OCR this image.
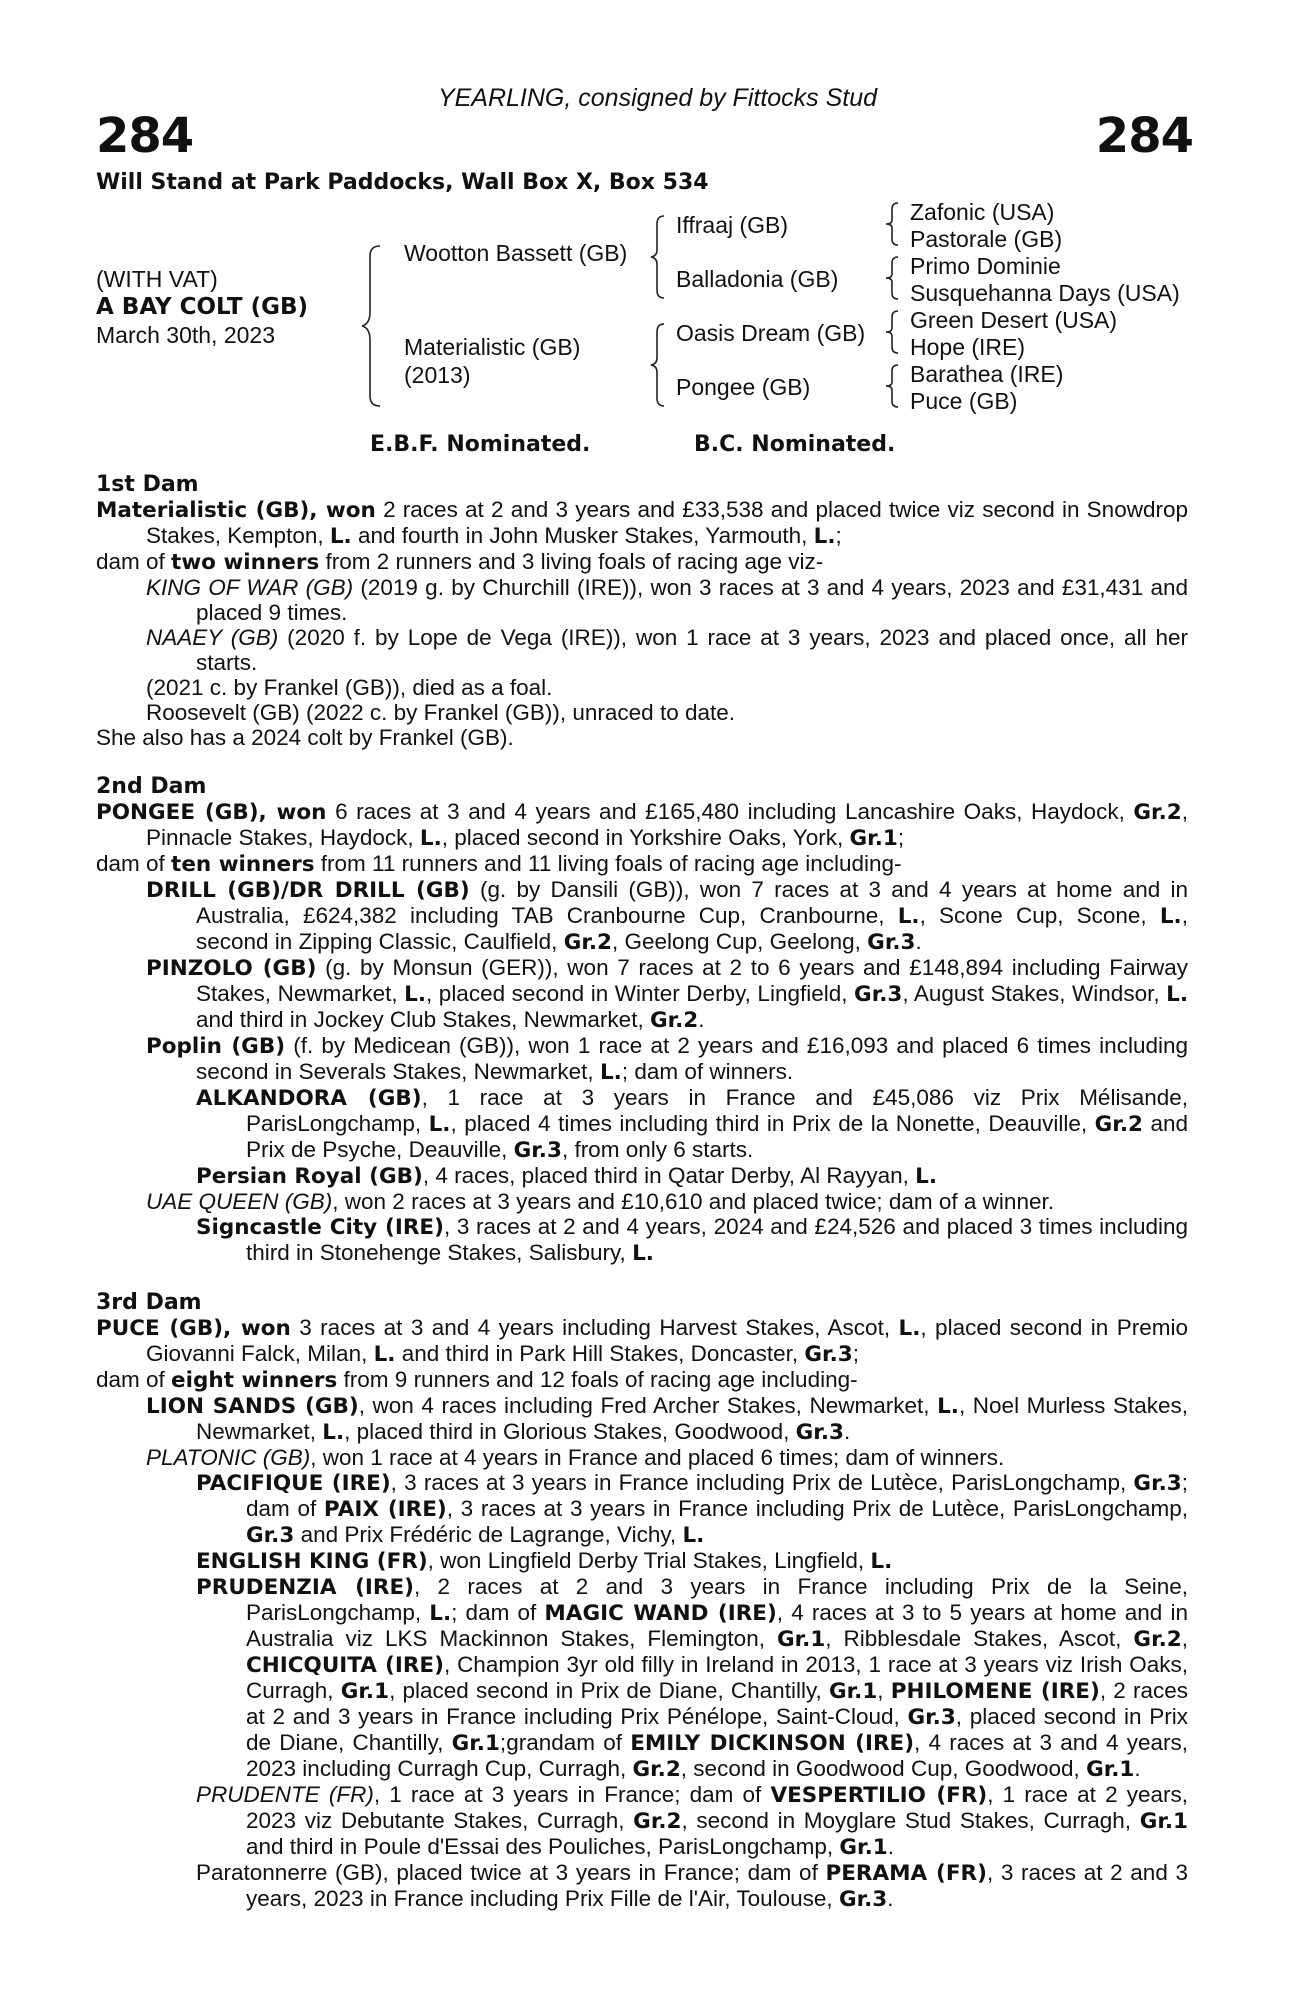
YEARLING, consigned by Fittocks Stud
284	284
Will Stand at Park Paddocks, Wall Box X, Box 534
(WITH VAT)
A BAY COLT (GB)
March 30th, 2023
Wootton Bassett (GB)
Materialistic (GB)
(2013)
Iffraaj (GB)
Balladonia (GB)
Oasis Dream (GB)
Pongee (GB)
Zafonic (USA)
Pastorale (GB)
Primo Dominie
Susquehanna Days (USA)
Green Desert (USA)
Hope (IRE)
Barathea (IRE)
Puce (GB)
E.B.F. Nominated.	B.C. Nominated.
1st Dam
Materialistic (GB), won 2 races at 2 and 3 years and £33,538 and placed twice viz second in Snowdrop Stakes, Kempton, L. and fourth in John Musker Stakes, Yarmouth, L.;
dam of two winners from 2 runners and 3 living foals of racing age viz-
KING OF WAR (GB) (2019 g. by Churchill (IRE)), won 3 races at 3 and 4 years, 2023 and £31,431 and placed 9 times.
NAAEY (GB) (2020 f. by Lope de Vega (IRE)), won 1 race at 3 years, 2023 and placed once, all her starts.
(2021 c. by Frankel (GB)), died as a foal.
Roosevelt (GB) (2022 c. by Frankel (GB)), unraced to date.
She also has a 2024 colt by Frankel (GB).
2nd Dam
PONGEE (GB), won 6 races at 3 and 4 years and £165,480 including Lancashire Oaks, Haydock, Gr.2, Pinnacle Stakes, Haydock, L., placed second in Yorkshire Oaks, York, Gr.1;
dam of ten winners from 11 runners and 11 living foals of racing age including-
DRILL (GB)/DR DRILL (GB) (g. by Dansili (GB)), won 7 races at 3 and 4 years at home and in Australia, £624,382 including TAB Cranbourne Cup, Cranbourne, L., Scone Cup, Scone, L., second in Zipping Classic, Caulfield, Gr.2, Geelong Cup, Geelong, Gr.3.
PINZOLO (GB) (g. by Monsun (GER)), won 7 races at 2 to 6 years and £148,894 including Fairway Stakes, Newmarket, L., placed second in Winter Derby, Lingfield, Gr.3, August Stakes, Windsor, L. and third in Jockey Club Stakes, Newmarket, Gr.2.
Poplin (GB) (f. by Medicean (GB)), won 1 race at 2 years and £16,093 and placed 6 times including second in Severals Stakes, Newmarket, L.; dam of winners.
ALKANDORA (GB), 1 race at 3 years in France and £45,086 viz Prix Mélisande, ParisLongchamp, L., placed 4 times including third in Prix de la Nonette, Deauville, Gr.2 and Prix de Psyche, Deauville, Gr.3, from only 6 starts.
Persian Royal (GB), 4 races, placed third in Qatar Derby, Al Rayyan, L.
UAE QUEEN (GB), won 2 races at 3 years and £10,610 and placed twice; dam of a winner.
Signcastle City (IRE), 3 races at 2 and 4 years, 2024 and £24,526 and placed 3 times including third in Stonehenge Stakes, Salisbury, L.
3rd Dam
PUCE (GB), won 3 races at 3 and 4 years including Harvest Stakes, Ascot, L., placed second in Premio Giovanni Falck, Milan, L. and third in Park Hill Stakes, Doncaster, Gr.3;
dam of eight winners from 9 runners and 12 foals of racing age including-
LION SANDS (GB), won 4 races including Fred Archer Stakes, Newmarket, L., Noel Murless Stakes, Newmarket, L., placed third in Glorious Stakes, Goodwood, Gr.3.
PLATONIC (GB), won 1 race at 4 years in France and placed 6 times; dam of winners.
PACIFIQUE (IRE), 3 races at 3 years in France including Prix de Lutèce, ParisLongchamp, Gr.3; dam of PAIX (IRE), 3 races at 3 years in France including Prix de Lutèce, ParisLongchamp, Gr.3 and Prix Frédéric de Lagrange, Vichy, L.
ENGLISH KING (FR), won Lingfield Derby Trial Stakes, Lingfield, L.
PRUDENZIA (IRE), 2 races at 2 and 3 years in France including Prix de la Seine, ParisLongchamp, L.; dam of MAGIC WAND (IRE), 4 races at 3 to 5 years at home and in Australia viz LKS Mackinnon Stakes, Flemington, Gr.1, Ribblesdale Stakes, Ascot, Gr.2, CHICQUITA (IRE), Champion 3yr old filly in Ireland in 2013, 1 race at 3 years viz Irish Oaks, Curragh, Gr.1, placed second in Prix de Diane, Chantilly, Gr.1, PHILOMENE (IRE), 2 races at 2 and 3 years in France including Prix Pénélope, Saint-Cloud, Gr.3, placed second in Prix de Diane, Chantilly, Gr.1;grandam of EMILY DICKINSON (IRE), 4 races at 3 and 4 years, 2023 including Curragh Cup, Curragh, Gr.2, second in Goodwood Cup, Goodwood, Gr.1.
PRUDENTE (FR), 1 race at 3 years in France; dam of VESPERTILIO (FR), 1 race at 2 years, 2023 viz Debutante Stakes, Curragh, Gr.2, second in Moyglare Stud Stakes, Curragh, Gr.1 and third in Poule d'Essai des Pouliches, ParisLongchamp, Gr.1.
Paratonnerre (GB), placed twice at 3 years in France; dam of PERAMA (FR), 3 races at 2 and 3 years, 2023 in France including Prix Fille de l'Air, Toulouse, Gr.3.
